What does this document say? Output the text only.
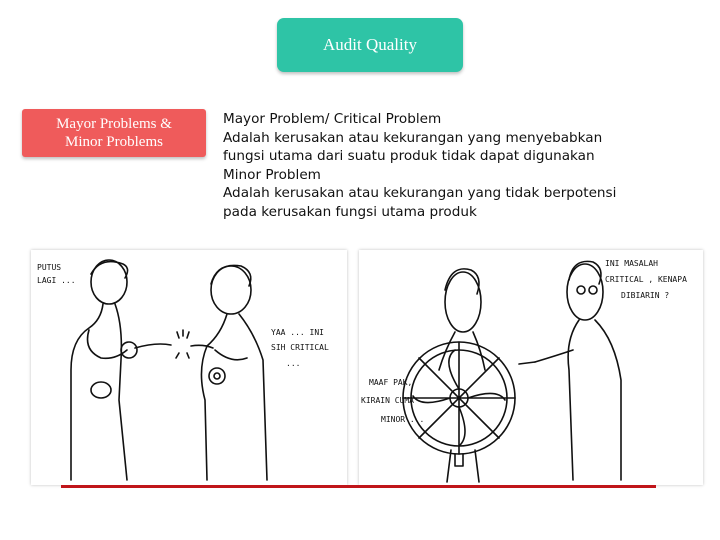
Audit Quality
Mayor Problems &
Minor Problems
Mayor Problem/ Critical Problem
Adalah kerusakan atau kekurangan yang menyebabkan
fungsi utama dari suatu produk tidak dapat digunakan
Minor Problem
Adalah kerusakan atau kekurangan yang tidak berpotensi
pada kerusakan fungsi utama produk
PUTUS
LAGI ...
YAA ... INI
SIH CRITICAL
...
INI MASALAH
CRITICAL , KENAPA
DIBIARIN ?
MAAF PAK,
KIRAIN CUMA
MINOR ...
